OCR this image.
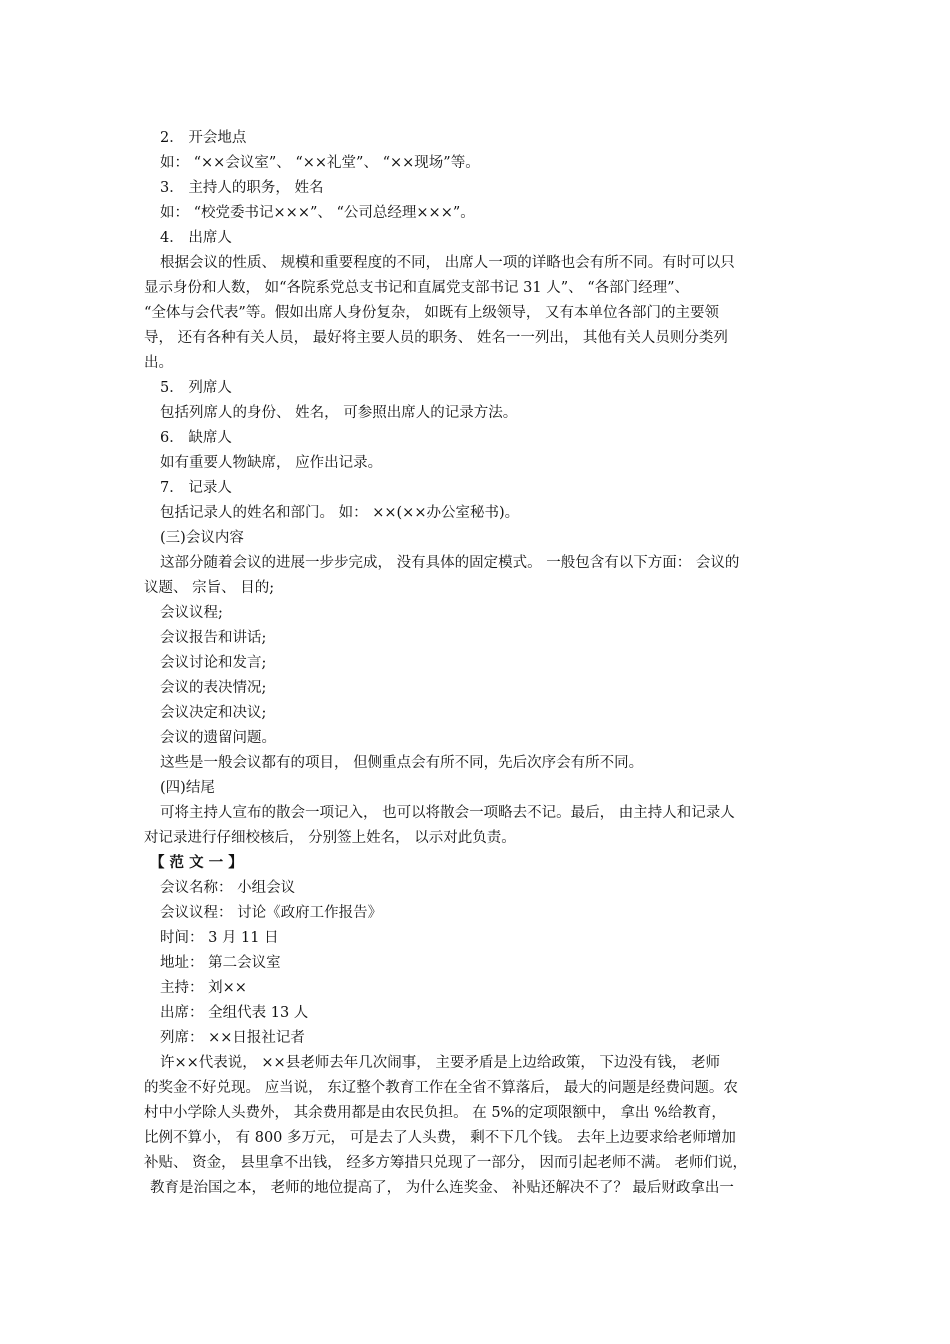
2． 开会地点
如： “××会议室”、 “××礼堂”、 “××现场”等。
3． 主持人的职务， 姓名
如： “校党委书记×××”、 “公司总经理×××”。
4． 出席人
根据会议的性质、 规模和重要程度的不同， 出席人一项的详略也会有所不同。有时可以只
显示身份和人数， 如“各院系党总支书记和直属党支部书记 31 人”、 “各部门经理”、
“全体与会代表”等。假如出席人身份复杂， 如既有上级领导， 又有本单位各部门的主要领
导， 还有各种有关人员， 最好将主要人员的职务、 姓名一一列出， 其他有关人员则分类列
出。
5． 列席人
包括列席人的身份、 姓名， 可参照出席人的记录方法。
6． 缺席人
如有重要人物缺席， 应作出记录。
7． 记录人
包括记录人的姓名和部门。 如： ××(××办公室秘书)。
(三)会议内容
这部分随着会议的进展一步步完成， 没有具体的固定模式。 一般包含有以下方面： 会议的
议题、 宗旨、 目的;
会议议程;
会议报告和讲话;
会议讨论和发言;
会议的表决情况;
会议决定和决议;
会议的遗留问题。
这些是一般会议都有的项目， 但侧重点会有所不同，先后次序会有所不同。
(四)结尾
可将主持人宣布的散会一项记入， 也可以将散会一项略去不记。最后， 由主持人和记录人
对记录进行仔细校核后， 分别签上姓名， 以示对此负责。
【 范 文 一 】
会议名称： 小组会议
会议议程： 讨论《政府工作报告》
时间： 3 月 11 日
地址： 第二会议室
主持： 刘××
出席： 全组代表 13 人
列席： ××日报社记者
许××代表说， ××县老师去年几次闹事， 主要矛盾是上边给政策， 下边没有钱， 老师
的奖金不好兑现。 应当说， 东辽整个教育工作在全省不算落后， 最大的问题是经费问题。农
村中小学除人头费外， 其余费用都是由农民负担。 在 5%的定项限额中， 拿出 %给教育，
比例不算小， 有 800 多万元， 可是去了人头费， 剩不下几个钱。 去年上边要求给老师增加
补贴、 资金， 县里拿不出钱， 经多方筹措只兑现了一部分， 因而引起老师不满。 老师们说，
教育是治国之本， 老师的地位提高了， 为什么连奖金、 补贴还解决不了？ 最后财政拿出一
